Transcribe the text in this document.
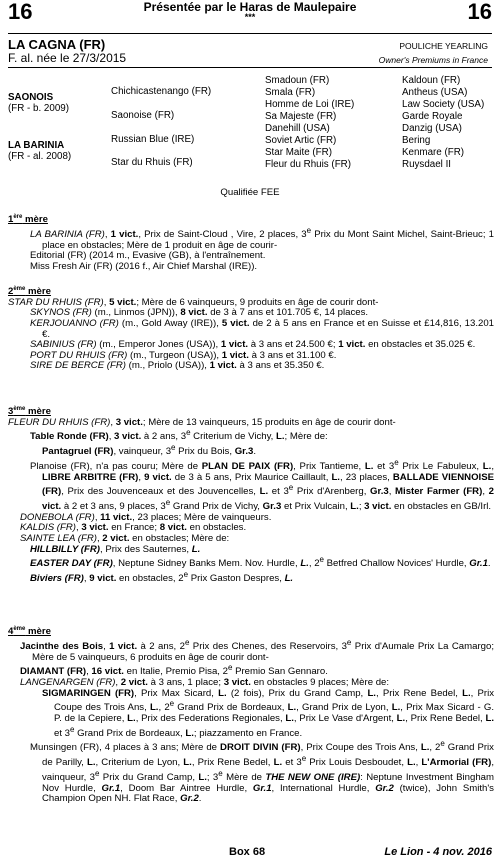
16	16
Présentée par le Haras de Maulepaire
***
LA CAGNA (FR)
F. al. née le 27/3/2015
POULICHE YEARLING
Owner's Premiums in France
SAONOIS
(FR - b. 2009)
LA BARINIA
(FR - al. 2008)
Chichicastenango (FR)
Saonoise (FR)
Russian Blue (IRE)
Star du Rhuis (FR)
Smadoun (FR)
Smala (FR)
Homme de Loi (IRE)
Sa Majeste (FR)
Danehill (USA)
Soviet Artic (FR)
Star Maite (FR)
Fleur du Rhuis (FR)
Kaldoun (FR)
Antheus (USA)
Law Society (USA)
Garde Royale
Danzig (USA)
Bering
Kenmare (FR)
Ruysdael II
Qualifiée FEE
1ère mère

LA BARINIA (FR), 1 vict., Prix de Saint-Cloud , Vire, 2 places, 3e Prix du Mont Saint Michel, Saint-Brieuc; 1 place en obstacles; Mère de 1 produit en âge de courir-

Editorial (FR) (2014 m., Evasive (GB), à l'entraînement.

Miss Fresh Air (FR) (2016 f., Air Chief Marshal (IRE)).

2ème mère

STAR DU RHUIS (FR), 5 vict.; Mère de 6 vainqueurs, 9 produits en âge de courir dont-

SKYNOS (FR) (m., Linmos (JPN)), 8 vict. de 3 à 7 ans et 101.705 €, 14 places.

KERJOUANNO (FR) (m., Gold Away (IRE)), 5 vict. de 2 à 5 ans en France et en Suisse et £14,816, 13.201 €.

SABINIUS (FR) (m., Emperor Jones (USA)), 1 vict. à 3 ans et 24.500 €; 1 vict. en obstacles et 35.025 €.

PORT DU RHUIS (FR) (m., Turgeon (USA)), 1 vict. à 3 ans et 31.100 €.

SIRE DE BERCE (FR) (m., Priolo (USA)), 1 vict. à 3 ans et 35.350 €.

3ème mère

FLEUR DU RHUIS (FR), 3 vict.; Mère de 13 vainqueurs, 15 produits en âge de courir dont-

Table Ronde (FR), 3 vict. à 2 ans, 3e Criterium de Vichy, L.; Mère de:

Pantagruel (FR), vainqueur, 3e Prix du Bois, Gr.3.

Planoise (FR), n'a pas couru; Mère de PLAN DE PAIX (FR), Prix Tantieme, L. et 3e Prix Le Fabuleux, L., LIBRE ARBITRE (FR), 9 vict. de 3 à 5 ans, Prix Maurice Caillault, L., 23 places, BALLADE VIENNOISE (FR), Prix des Jouvenceaux et des Jouvencelles, L. et 3e Prix d'Arenberg, Gr.3, Mister Farmer (FR), 2 vict. à 2 et 3 ans, 9 places, 3e Grand Prix de Vichy, Gr.3 et Prix Vulcain, L.; 3 vict. en obstacles en GB/Irl.

DONEBOLA (FR), 11 vict., 23 places; Mère de vainqueurs.

KALDIS (FR), 3 vict. en France; 8 vict. en obstacles.

SAINTE LEA (FR), 2 vict. en obstacles; Mère de:

HILLBILLY (FR), Prix des Sauternes, L.

EASTER DAY (FR), Neptune Sidney Banks Mem. Nov. Hurdle, L., 2e Betfred Challow Novices' Hurdle, Gr.1.

Biviers (FR), 9 vict. en obstacles, 2e Prix Gaston Despres, L.

4ème mère

Jacinthe des Bois, 1 vict. à 2 ans, 2e Prix des Chenes, des Reservoirs, 3e Prix d'Aumale Prix La Camargo; Mère de 5 vainqueurs, 6 produits en âge de courir dont-

DIAMANT (FR), 16 vict. en Italie, Premio Pisa, 2e Premio San Gennaro.

LANGENARGEN (FR), 2 vict. à 3 ans, 1 place; 3 vict. en obstacles 9 places; Mère de:

SIGMARINGEN (FR), Prix Max Sicard, L. (2 fois), Prix du Grand Camp, L., Prix Rene Bedel, L., Prix Coupe des Trois Ans, L., 2e Grand Prix de Bordeaux, L., Grand Prix de Lyon, L., Prix Max Sicard - G. P. de la Cepiere, L., Prix des Federations Regionales, L., Prix Le Vase d'Argent, L., Prix Rene Bedel, L. et 3e Grand Prix de Bordeaux, L.; piazzamento en France.

Munsingen (FR), 4 places à 3 ans; Mère de DROIT DIVIN (FR), Prix Coupe des Trois Ans, L., 2e Grand Prix de Parilly, L., Criterium de Lyon, L., Prix Rene Bedel, L. et 3e Prix Louis Desboudet, L., L'Armorial (FR), vainqueur, 3e Prix du Grand Camp, L.; 3e Mère de THE NEW ONE (IRE): Neptune Investment Bingham Nov Hurdle, Gr.1, Doom Bar Aintree Hurdle, Gr.1, International Hurdle, Gr.2 (twice), John Smith's Champion Open NH. Flat Race, Gr.2.

Box 68	Le Lion - 4 nov. 2016
